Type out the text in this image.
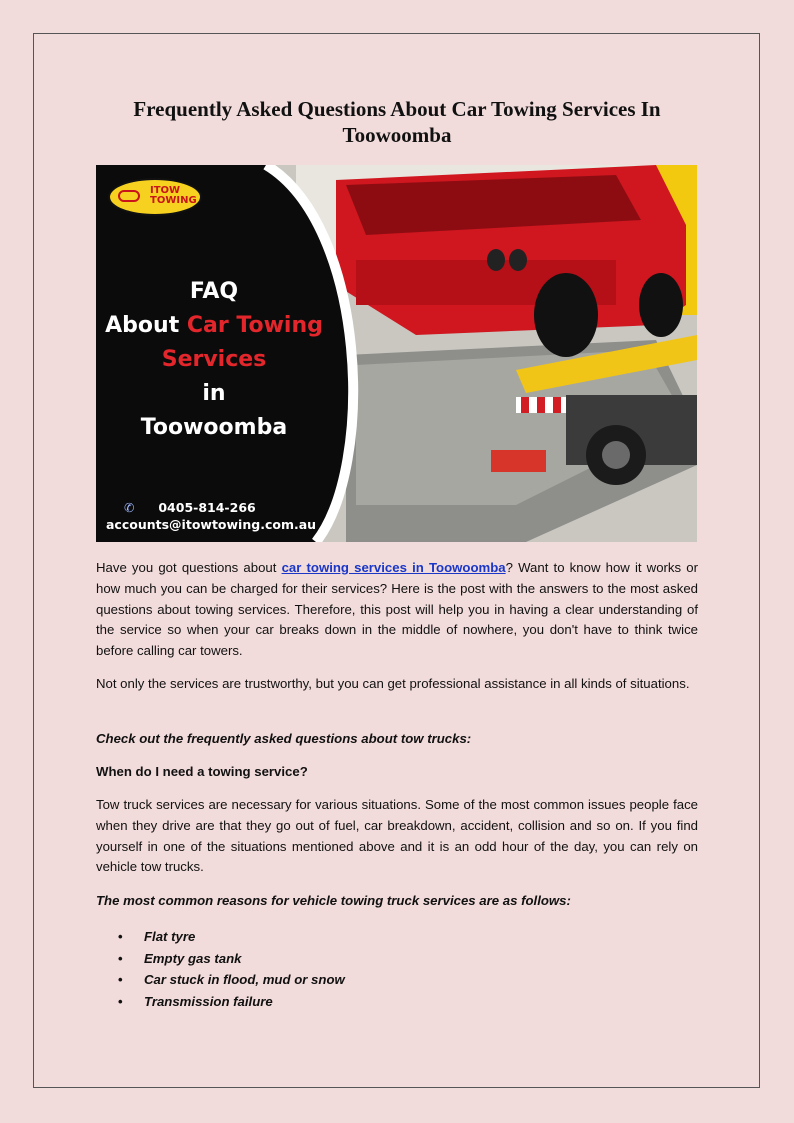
Frequently Asked Questions About Car Towing Services In Toowoomba
ITOW
TOWING
FAQ
About Car Towing
Services
in
Toowoomba
✆ 0405-814-266
accounts@itowtowing.com.au

Have you got questions about car towing services in Toowoomba? Want to know how it works or how much you can be charged for their services? Here is the post with the answers to the most asked questions about towing services. Therefore, this post will help you in having a clear understanding of the service so when your car breaks down in the middle of nowhere, you don't have to think twice before calling car towers.

Not only the services are trustworthy, but you can get professional assistance in all kinds of situations.

Check out the frequently asked questions about tow trucks:

When do I need a towing service?

Tow truck services are necessary for various situations. Some of the most common issues people face when they drive are that they go out of fuel, car breakdown, accident, collision and so on. If you find yourself in one of the situations mentioned above and it is an odd hour of the day, you can rely on vehicle tow trucks.

The most common reasons for vehicle towing truck services are as follows:

• Flat tyre
• Empty gas tank
• Car stuck in flood, mud or snow
• Transmission failure
